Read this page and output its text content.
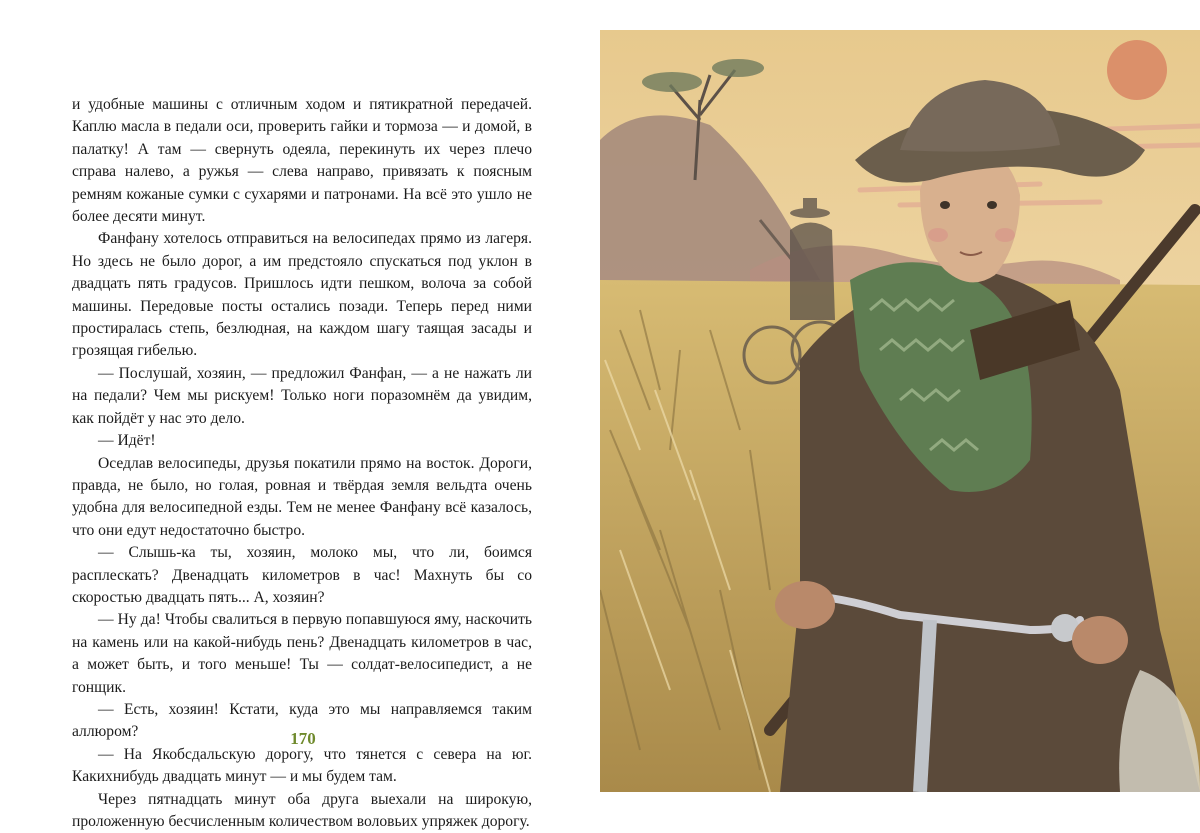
и удобные машины с отличным ходом и пятикратной передачей. Каплю масла в педали оси, проверить гайки и тормоза — и домой, в палатку! А там — свернуть одеяла, перекинуть их через плечо справа налево, а ружья — слева направо, привязать к поясным ремням кожаные сумки с сухарями и патронами. На всё это ушло не более десяти минут.

Фанфану хотелось отправиться на велосипедах прямо из лагеря. Но здесь не было дорог, а им предстояло спускаться под уклон в двадцать пять градусов. Пришлось идти пешком, волоча за собой машины. Передовые посты остались позади. Теперь перед ними простиралась степь, безлюдная, на каждом шагу таящая засады и грозящая гибелью.

— Послушай, хозяин, — предложил Фанфан, — а не нажать ли на педали? Чем мы рискуем! Только ноги поразомнём да увидим, как пойдёт у нас это дело.

— Идёт!

Оседлав велосипеды, друзья покатили прямо на восток. Дороги, правда, не было, но голая, ровная и твёрдая земля вельдта очень удобна для велосипедной езды. Тем не менее Фанфану всё казалось, что они едут недостаточно быстро.

— Слышь-ка ты, хозяин, молоко мы, что ли, боимся расплескать? Двенадцать километров в час! Махнуть бы со скоростью двадцать пять... А, хозяин?

— Ну да! Чтобы свалиться в первую попавшуюся яму, наскочить на камень или на какой-нибудь пень? Двенадцать километров в час, а может быть, и того меньше! Ты — солдат-велосипедист, а не гонщик.

— Есть, хозяин! Кстати, куда это мы направляемся таким аллюром?

— На Якобсдальскую дорогу, что тянется с севера на юг. Какихнибудь двадцать минут — и мы будем там.

Через пятнадцать минут оба друга выехали на широкую, проложенную бесчисленным количеством воловьих упряжек дорогу.

170
